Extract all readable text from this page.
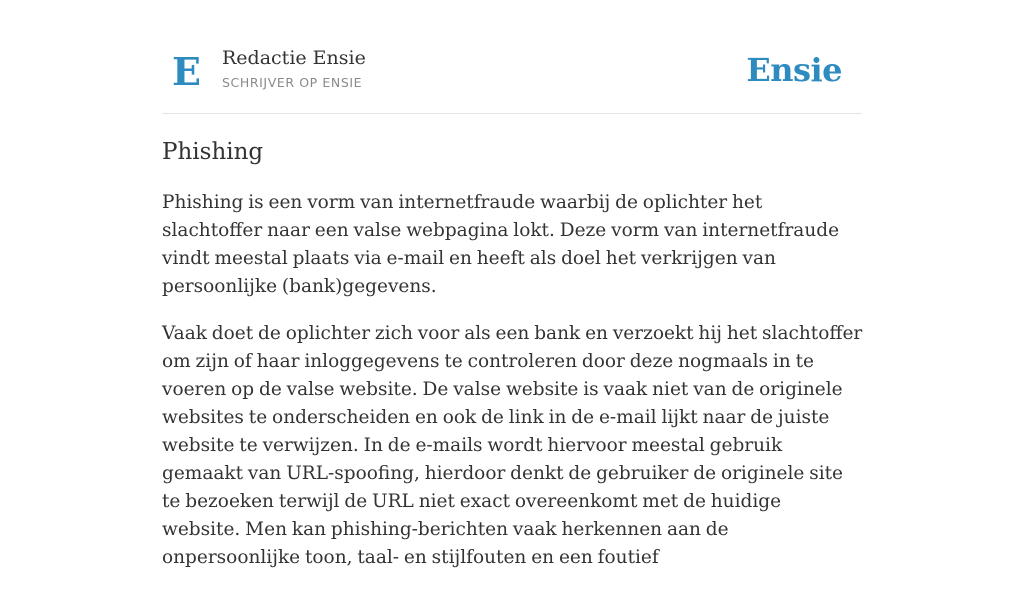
E Redactie Ensie
SCHRIJVER OP ENSIE	Ensie
Phishing

Phishing is een vorm van internetfraude waarbij de oplichter het slachtoffer naar een valse webpagina lokt. Deze vorm van internetfraude vindt meestal plaats via e-mail en heeft als doel het verkrijgen van persoonlijke (bank)gegevens.

Vaak doet de oplichter zich voor als een bank en verzoekt hij het slachtoffer om zijn of haar inloggegevens te controleren door deze nogmaals in te voeren op de valse website. De valse website is vaak niet van de originele websites te onderscheiden en ook de link in de e-mail lijkt naar de juiste website te verwijzen. In de e-mails wordt hiervoor meestal gebruik gemaakt van URL-spoofing, hierdoor denkt de gebruiker de originele site te bezoeken terwijl de URL niet exact overeenkomt met de huidige website. Men kan phishing-berichten vaak herkennen aan de onpersoonlijke toon, taal- en stijlfouten en een foutief
